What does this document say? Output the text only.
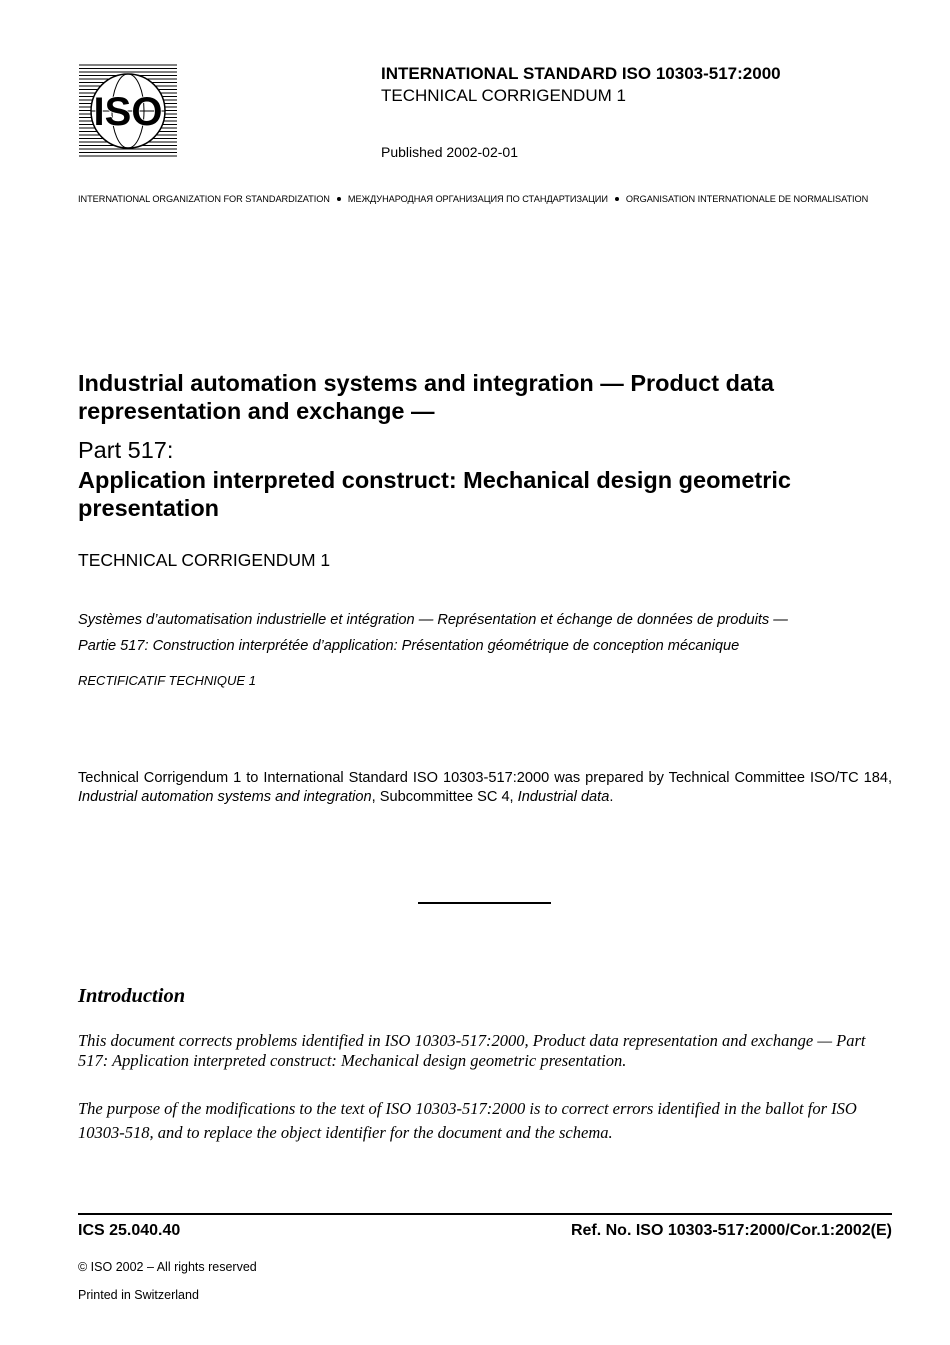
ISO
INTERNATIONAL STANDARD ISO 10303-517:2000
TECHNICAL CORRIGENDUM 1
Published 2002-02-01
INTERNATIONAL ORGANIZATION FOR STANDARDIZATION МЕЖДУНАРОДНАЯ ОРГАНИЗАЦИЯ ПО СТАНДАРТИЗАЦИИ ORGANISATION INTERNATIONALE DE NORMALISATION
Industrial automation systems and integration — Product data representation and exchange —
Part 517:
Application interpreted construct: Mechanical design geometric presentation
TECHNICAL CORRIGENDUM 1
Systèmes d’automatisation industrielle et intégration — Représentation et échange de données de produits —
Partie 517: Construction interprétée d’application: Présentation géométrique de conception mécanique
RECTIFICATIF TECHNIQUE 1
Technical Corrigendum 1 to International Standard ISO 10303-517:2000 was prepared by Technical Committee ISO/TC 184, Industrial automation systems and integration, Subcommittee SC 4, Industrial data.
Introduction
This document corrects problems identified in ISO 10303-517:2000, Product data representation and exchange — Part 517: Application interpreted construct: Mechanical design geometric presentation.
The purpose of the modifications to the text of ISO 10303-517:2000 is to correct errors identified in the ballot for ISO 10303-518, and to replace the object identifier for the document and the schema.
ICS 25.040.40	Ref. No. ISO 10303-517:2000/Cor.1:2002(E)
© ISO 2002 – All rights reserved
Printed in Switzerland
